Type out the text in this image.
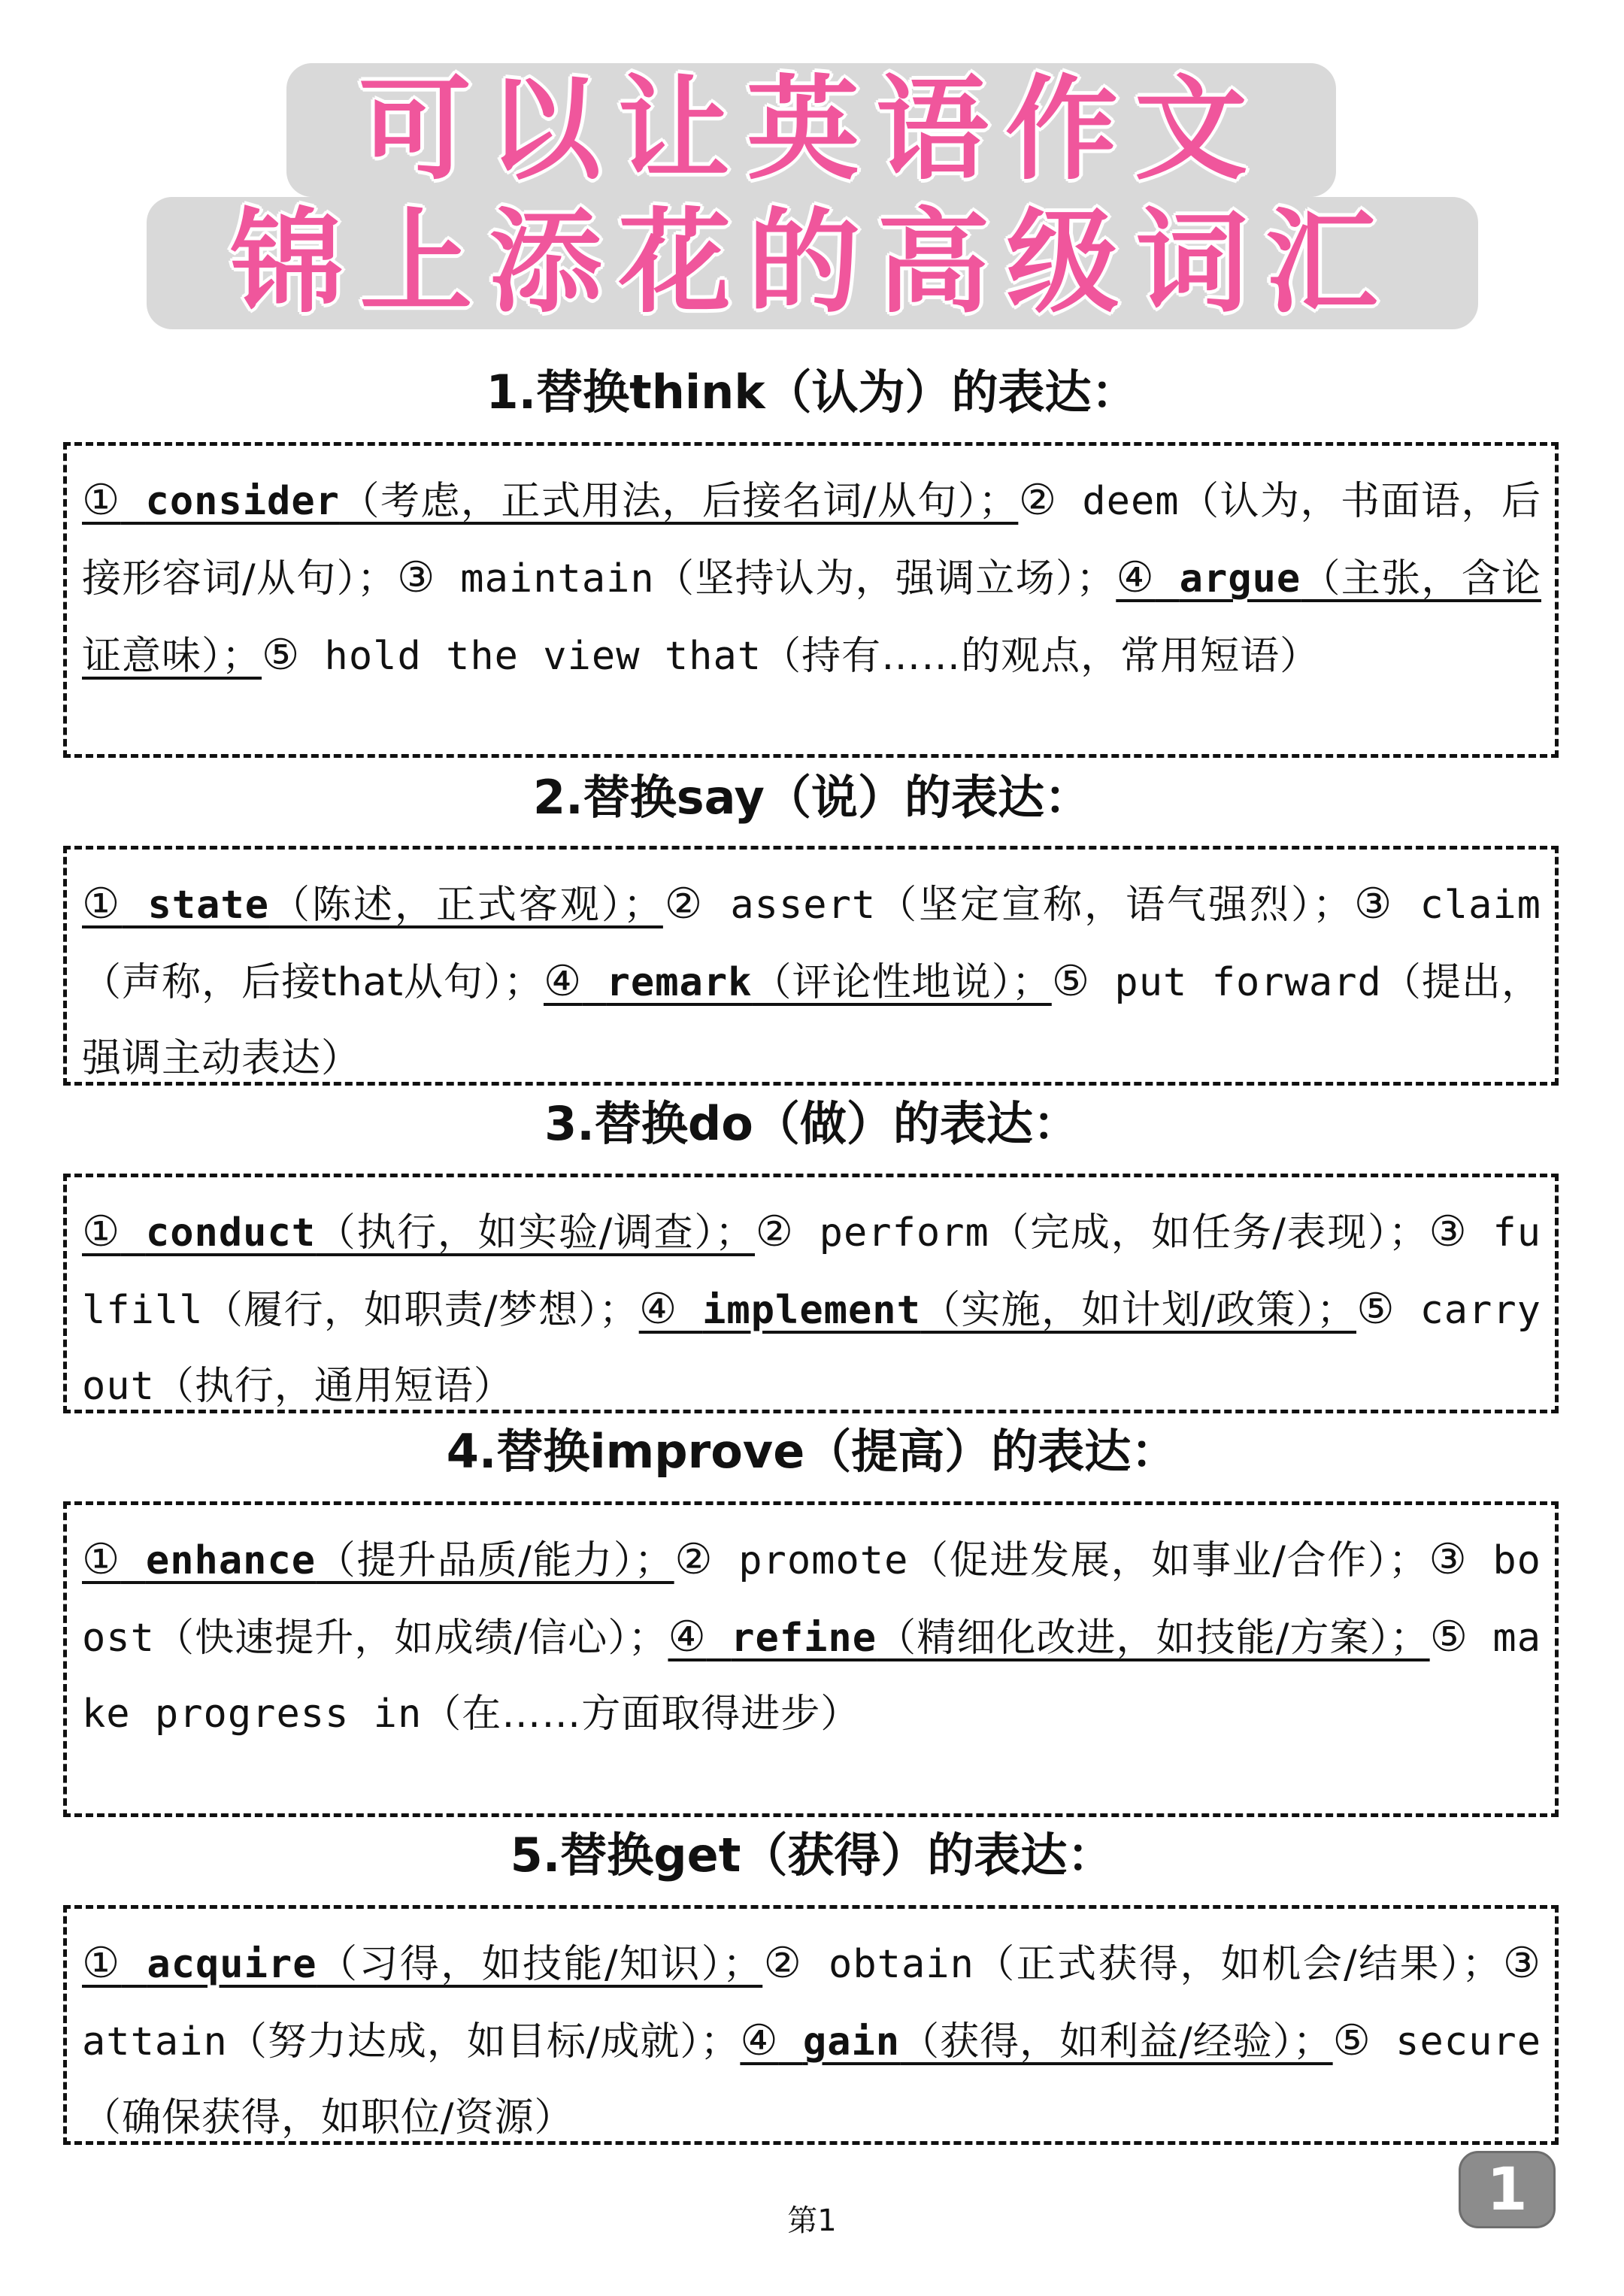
可以让英语作文
锦上添花的高级词汇
1.替换think（认为）的表达：
① consider（考虑，正式用法，后接名词/从句）；② deem（认为，书面语，后接形容词/从句）；③ maintain（坚持认为，强调立场）；④ argue（主张，含论证意味）；⑤ hold the view that（持有……的观点，常用短语）
2.替换say（说）的表达：
① state（陈述，正式客观）；② assert（坚定宣称，语气强烈）；③ claim（声称，后接that从句）；④ remark（评论性地说）；⑤ put forward（提出，强调主动表达）
3.替换do（做）的表达：
① conduct（执行，如实验/调查）；② perform（完成，如任务/表现）；③ fulfill（履行，如职责/梦想）；④ implement（实施，如计划/政策）；⑤ carry out（执行，通用短语）
4.替换improve（提高）的表达：
① enhance（提升品质/能力）；② promote（促进发展，如事业/合作）；③ boost（快速提升，如成绩/信心）；④ refine（精细化改进，如技能/方案）；⑤ make progress in（在……方面取得进步）
5.替换get（获得）的表达：
① acquire（习得，如技能/知识）；② obtain（正式获得，如机会/结果）；③ attain（努力达成，如目标/成就）；④ gain（获得，如利益/经验）；⑤ secure（确保获得，如职位/资源）
第1	1
